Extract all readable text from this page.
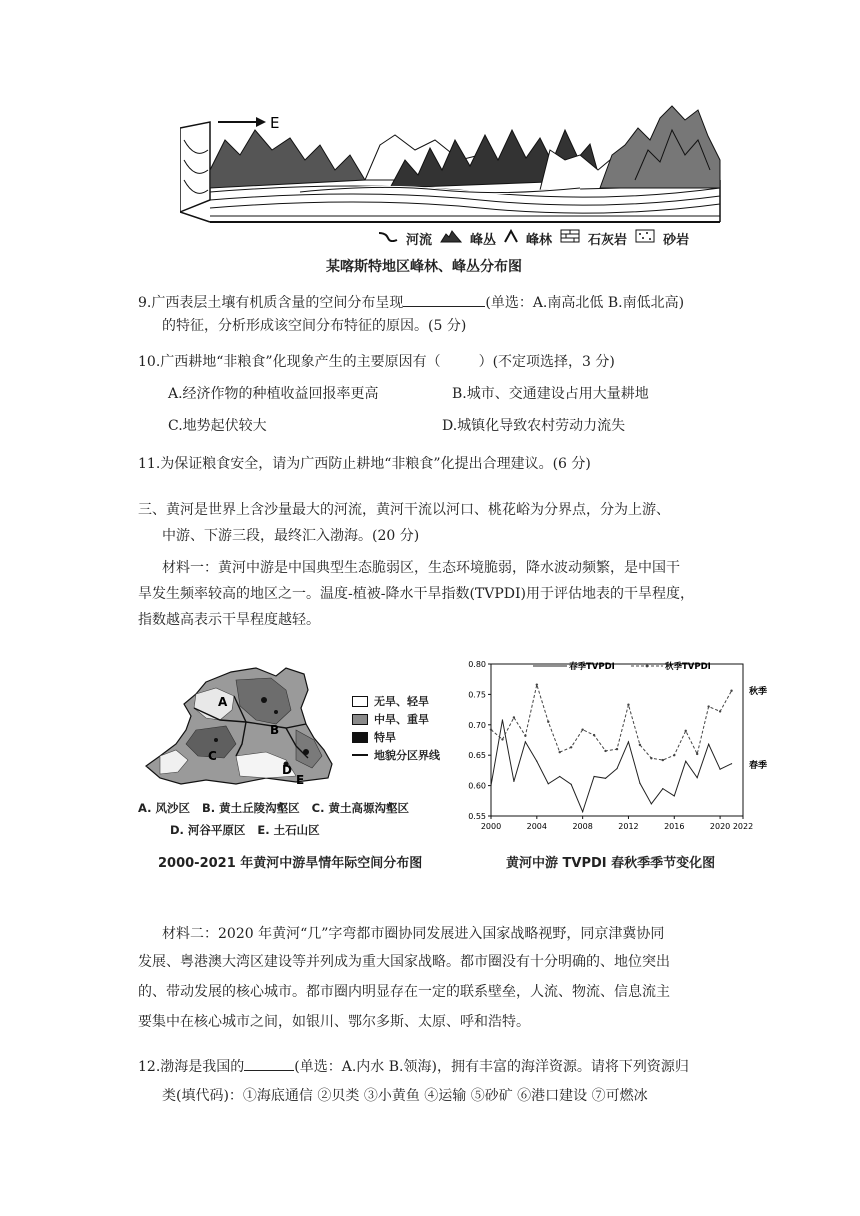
E
河流	峰丛 峰林	石灰岩	砂岩
某喀斯特地区峰林、峰丛分布图
9.广西表层土壤有机质含量的空间分布呈现	(单选：A.南高北低 B.南低北高)
的特征，分析形成该空间分布特征的原因。(5 分)
10.广西耕地“非粮食”化现象产生的主要原因有（	）(不定项选择，3 分)
A.经济作物的种植收益回报率更高	B.城市、交通建设占用大量耕地
C.地势起伏较大	D.城镇化导致农村劳动力流失
11.为保证粮食安全，请为广西防止耕地“非粮食”化提出合理建议。(6 分)
三、黄河是世界上含沙量最大的河流，黄河干流以河口、桃花峪为分界点，分为上游、
中游、下游三段，最终汇入渤海。(20 分)
材料一：黄河中游是中国典型生态脆弱区，生态环境脆弱，降水波动频繁，是中国干
旱发生频率较高的地区之一。温度-植被-降水干旱指数(TVPDI)用于评估地表的干旱程度，
指数越高表示干旱程度越轻。
A
B
C
D
E
无旱、轻旱
中旱、重旱
特旱
地貌分区界线
A. 风沙区 B. 黄土丘陵沟壑区 C. 黄土高塬沟壑区
D. 河谷平原区 E. 土石山区
2000-2021 年黄河中游旱情年际空间分布图
0.55
0.60
0.65
0.70
0.75
0.80
2000	2004	2008	2012	2016	2020 2022
春季TVPDI	秋季TVPDI
秋季
春季
黄河中游 TVPDI 春秋季季节变化图
材料二：2020 年黄河“几”字弯都市圈协同发展进入国家战略视野，同京津冀协同
发展、粤港澳大湾区建设等并列成为重大国家战略。都市圈没有十分明确的、地位突出
的、带动发展的核心城市。都市圈内明显存在一定的联系壁垒，人流、物流、信息流主
要集中在核心城市之间，如银川、鄂尔多斯、太原、呼和浩特。
12.渤海是我国的	(单选：A.内水 B.领海)，拥有丰富的海洋资源。请将下列资源归
类(填代码)：①海底通信 ②贝类 ③小黄鱼 ④运输 ⑤砂矿 ⑥港口建设 ⑦可燃冰
